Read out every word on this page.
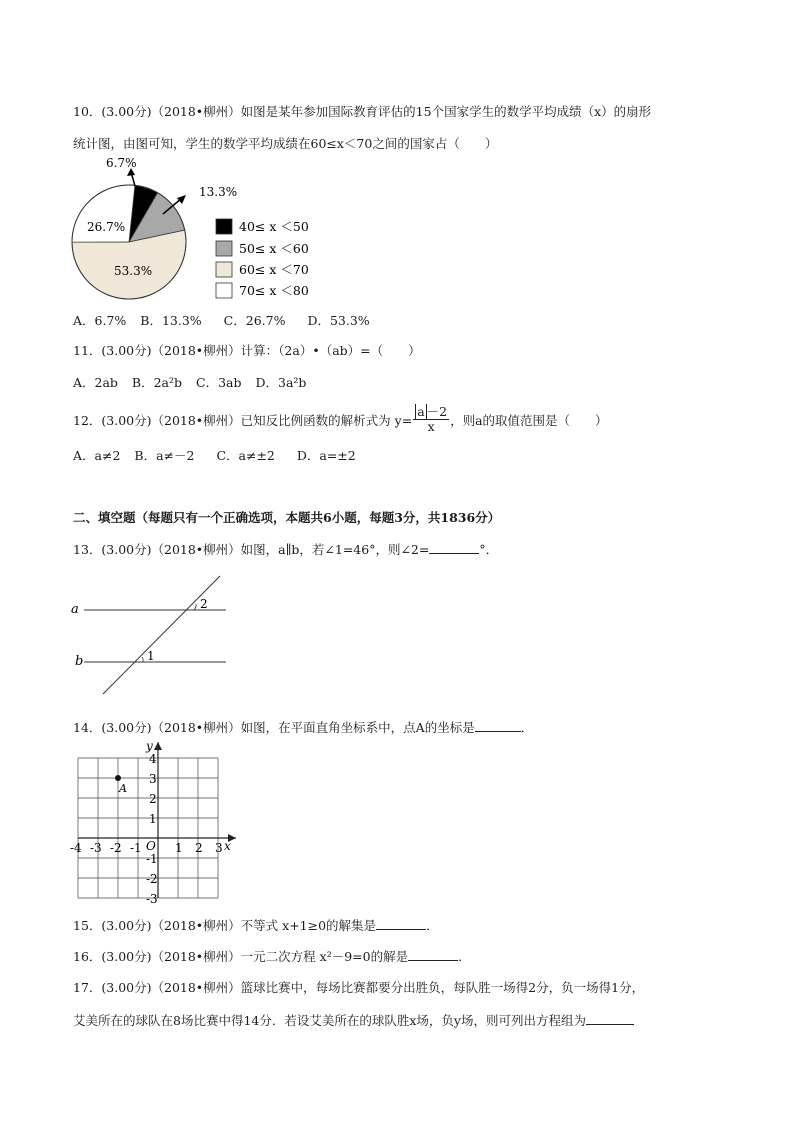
10．(3.00分)（2018•柳州）如图是某年参加国际教育评估的15个国家学生的数学平均成绩（x）的扇形
统计图，由图可知，学生的数学平均成绩在60≤x＜70之间的国家占（　　）
6.7%
13.3%
53.3%
26.7%	40≤ x ＜50
50≤ x ＜60
60≤ x ＜70
70≤ x ＜80
A．6.7% B．13.3% C．26.7% D．53.3%
11．(3.00分)（2018•柳州）计算：（2a）•（ab）=（　　）
A．2ab B．2a²b C．3ab D．3a²b
12．(3.00分)（2018•柳州）已知反比例函数的解析式为 $y= \frac{a -2}{x}$ ，则a的取值范围是（　　）
A．a≠2 B．a≠－2 C．a≠±2 D．a=±2
二、填空题（每题只有一个正确选项，本题共6小题，每题3分，共1836分）
13．(3.00分)（2018•柳州）如图，a∥b，若∠1=46°，则∠2=	°．
a
b
2
1
14．(3.00分)（2018•柳州）如图，在平面直角坐标系中，点A的坐标是	．
x
y
O
-4 -3 -2 -1	1 2 3
4
3
2
1
-1
-2
-3
A
15．(3.00分)（2018•柳州）不等式 x+1≥0的解集是	．
16．(3.00分)（2018•柳州）一元二次方程 x²－9=0的解是	．
17．(3.00分)（2018•柳州）篮球比赛中，每场比赛都要分出胜负，每队胜一场得2分，负一场得1分，
艾美所在的球队在8场比赛中得14分．若设艾美所在的球队胜x场，负y场，则可列出方程组为
